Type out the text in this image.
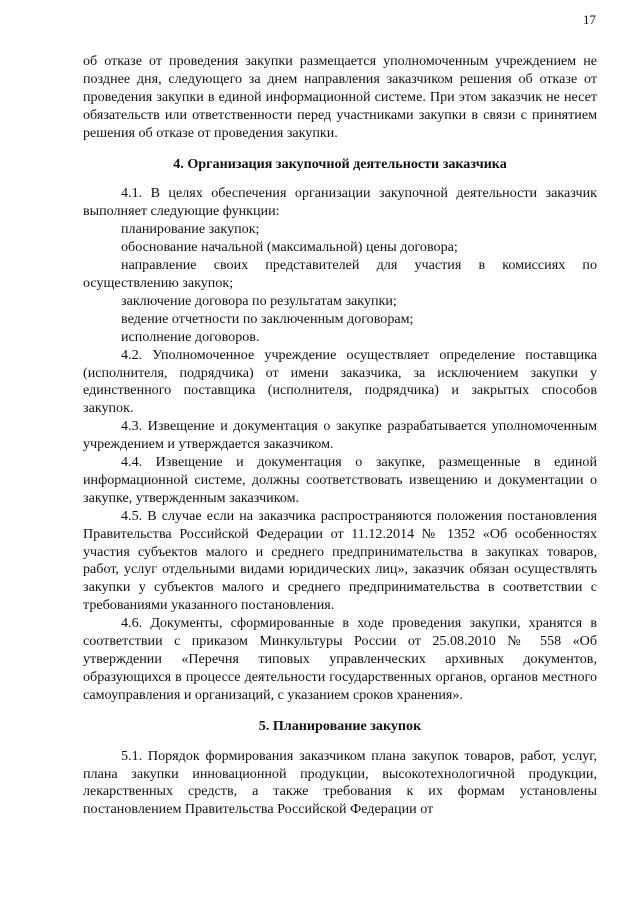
17

об отказе от проведения закупки размещается уполномоченным учреждением не позднее дня, следующего за днем направления заказчиком решения об отказе от проведения закупки в единой информационной системе. При этом заказчик не несет обязательств или ответственности перед участниками закупки в связи с принятием решения об отказе от проведения закупки.

4. Организация закупочной деятельности заказчика

4.1. В целях обеспечения организации закупочной деятельности заказчик выполняет следующие функции:

планирование закупок;

обоснование начальной (максимальной) цены договора;

направление своих представителей для участия в комиссиях по осуществлению закупок;

заключение договора по результатам закупки;

ведение отчетности по заключенным договорам;

исполнение договоров.

4.2. Уполномоченное учреждение осуществляет определение поставщика (исполнителя, подрядчика) от имени заказчика, за исключением закупки у единственного поставщика (исполнителя, подрядчика) и закрытых способов закупок.

4.3. Извещение и документация о закупке разрабатывается уполномоченным учреждением и утверждается заказчиком.

4.4. Извещение и документация о закупке, размещенные в единой информационной системе, должны соответствовать извещению и документации о закупке, утвержденным заказчиком.

4.5. В случае если на заказчика распространяются положения постановления Правительства Российской Федерации от 11.12.2014 № 1352 «Об особенностях участия субъектов малого и среднего предпринимательства в закупках товаров, работ, услуг отдельными видами юридических лиц», заказчик обязан осуществлять закупки у субъектов малого и среднего предпринимательства в соответствии с требованиями указанного постановления.

4.6. Документы, сформированные в ходе проведения закупки, хранятся в соответствии с приказом Минкультуры России от 25.08.2010 № 558 «Об утверждении «Перечня типовых управленческих архивных документов, образующихся в процессе деятельности государственных органов, органов местного самоуправления и организаций, с указанием сроков хранения».

5. Планирование закупок

5.1. Порядок формирования заказчиком плана закупок товаров, работ, услуг, плана закупки инновационной продукции, высокотехнологичной продукции, лекарственных средств, а также требования к их формам установлены постановлением Правительства Российской Федерации от
